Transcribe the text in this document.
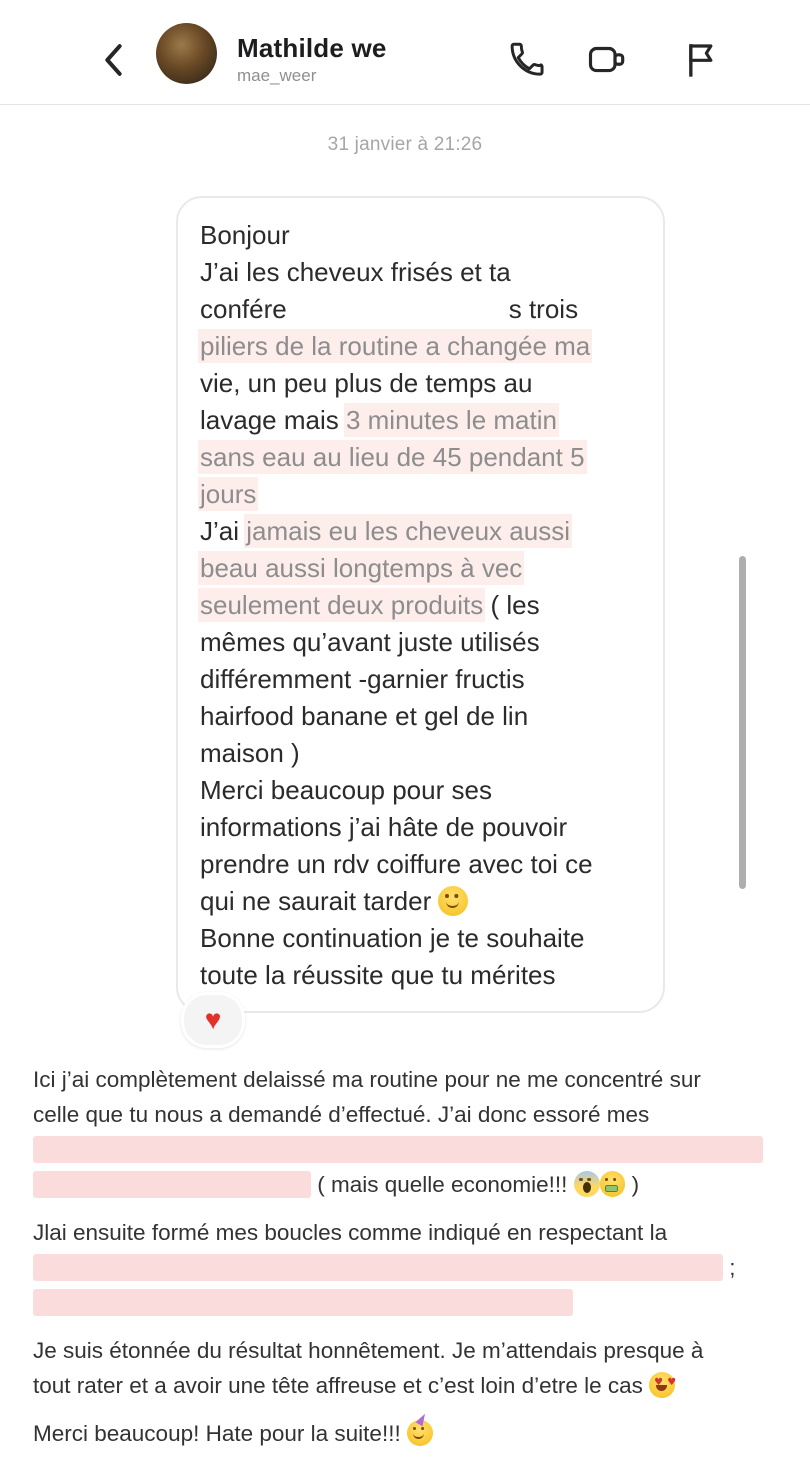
Mathilde we
mae_weer
31 janvier à 21:26
Bonjour
J’ai les cheveux frisés et ta
confére	s trois
piliers de la routine a changée ma
vie, un peu plus de temps au
lavage mais 3 minutes le matin
sans eau au lieu de 45 pendant 5
jours
J’ai jamais eu les cheveux aussi
beau aussi longtemps à vec
seulement deux produits ( les
mêmes qu’avant juste utilisés
différemment -garnier fructis
hairfood banane et gel de lin
maison )
Merci beaucoup pour ses
informations j’ai hâte de pouvoir
prendre un rdv coiffure avec toi ce
qui ne saurait tarder
Bonne continuation je te souhaite
toute la réussite que tu mérites
♥
Ici j’ai complètement delaissé ma routine pour ne me concentré sur
celle que tu nous a demandé d’effectué. J’ai donc essoré mes
( mais quelle economie!!!  )
Jlai ensuite formé mes boucles comme indiqué en respectant la
;
Je suis étonnée du résultat honnêtement. Je m’attendais presque à
tout rater et a avoir une tête affreuse et c’est loin d’etre le cas ♥ ♥
Merci beaucoup! Hate pour la suite!!!
